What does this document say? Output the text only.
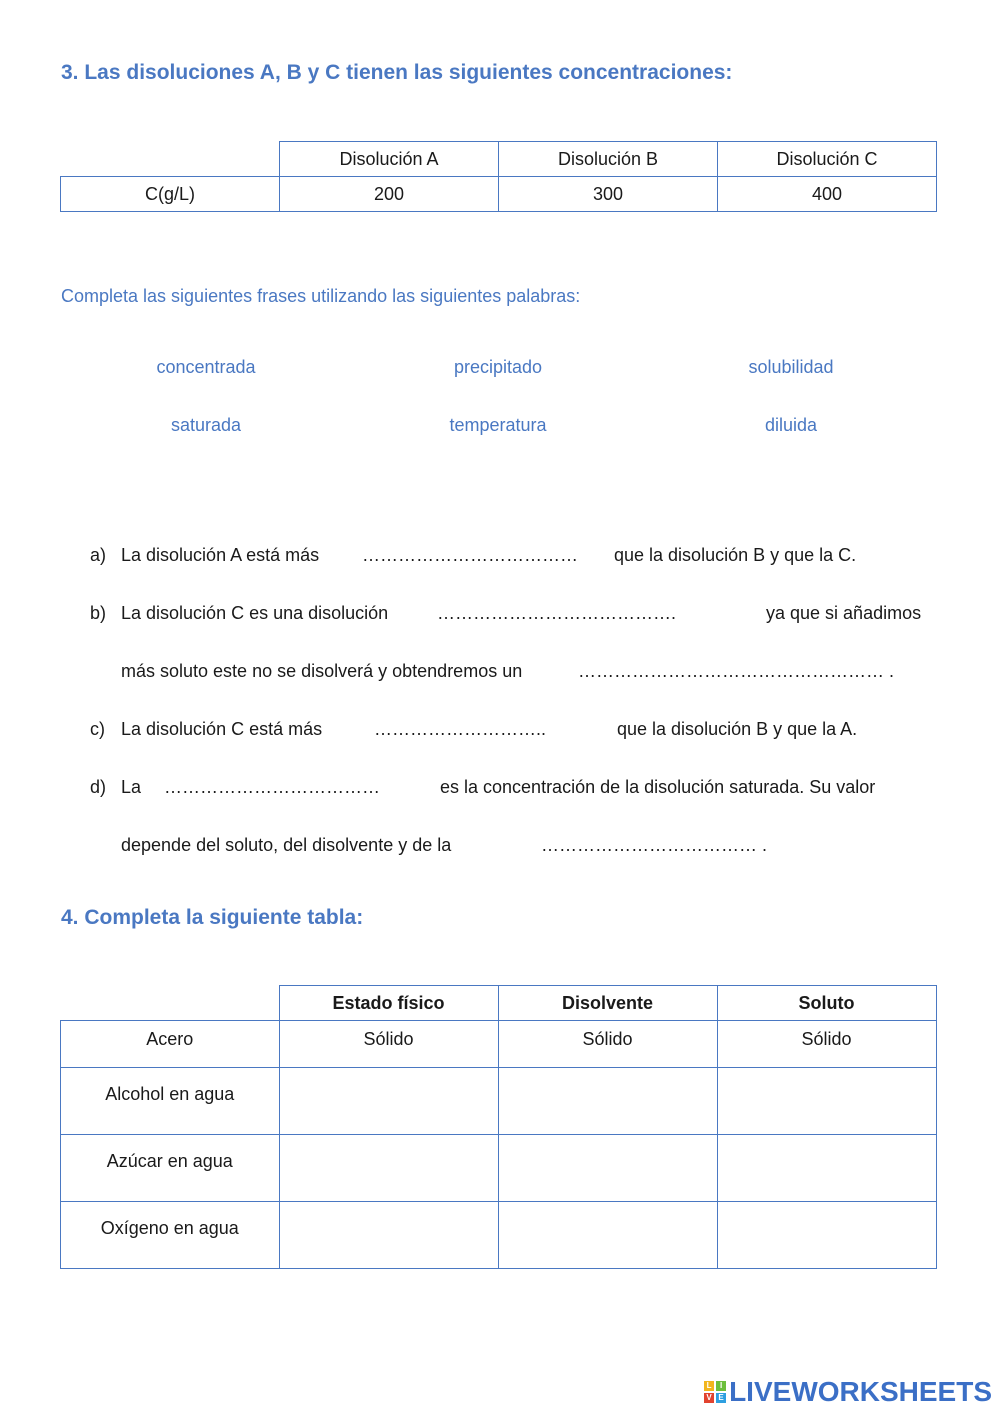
3. Las disoluciones A, B y C tienen las siguientes concentraciones:
	Disolución A	Disolución B	Disolución C
C(g/L)	200	300	400
Completa las siguientes frases utilizando las siguientes palabras:
concentrada	precipitado	solubilidad
saturada	temperatura	diluida
a) La disolución A está más ……………………………… que la disolución B y que la C.
b) La disolución C es una disolución	………………………………….	ya que si añadimos
más soluto este no se disolverá y obtendremos un	…………………………………………… .
c) La disolución C está más	………………………..	que la disolución B y que la A.
d) La ………………………………	es la concentración de la disolución saturada. Su valor
depende del soluto, del disolvente y de la	……………………………… .
4. Completa la siguiente tabla:
	Estado físico	Disolvente	Soluto
Acero	Sólido	Sólido	Sólido
Alcohol en agua			
Azúcar en agua			
Oxígeno en agua			
L	I
V E LIVEWORKSHEETS
